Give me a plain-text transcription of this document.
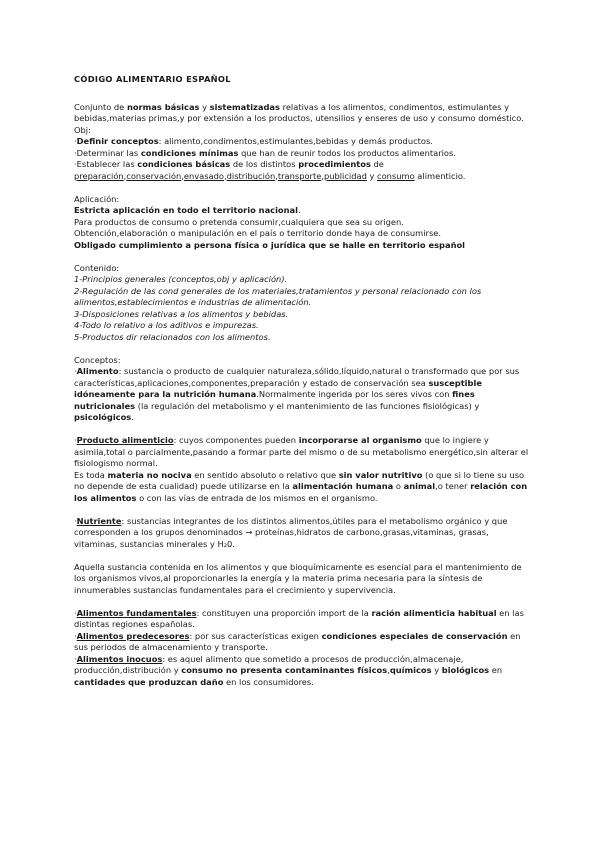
CÓDIGO ALIMENTARIO ESPAÑOL

Conjunto de normas básicas y sistematizadas relativas a los alimentos, condimentos, estimulantes y bebidas,materias primas,y por extensión a los productos, utensilios y enseres de uso y consumo doméstico.

Obj:

·Definir conceptos: alimento,condimentos,estimulantes,bebidas y demás productos.

·Determinar las condiciones mínimas que han de reunir todos los productos alimentarios.

·Establecer las condiciones básicas de los distintos procedimientos de

preparación,conservación,envasado,distribución,transporte,publicidad y consumo alimenticio.

Aplicación:

Estricta aplicación en todo el territorio nacional.

Para productos de consumo o pretenda consumir,cualquiera que sea su origen.

Obtención,elaboración o manipulación en el país o territorio donde haya de consumirse.

Obligado cumplimiento a persona física o jurídica que se halle en territorio español

Contenido:

1-Principios generales (conceptos,obj y aplicación).

2-Regulación de las cond generales de los materiales,tratamientos y personal relacionado con los alimentos,establecimientos e industrias de alimentación.

3-Disposiciones relativas a los alimentos y bebidas.

4-Todo lo relativo a los aditivos e impurezas.

5-Productos dir relacionados con los alimentos.

Conceptos:

·Alimento: sustancia o producto de cualquier naturaleza,sólido,líquido,natural o transformado que por sus características,aplicaciones,componentes,preparación y estado de conservación sea susceptible idóneamente para la nutrición humana.Normalmente ingerida por los seres vivos con fines nutricionales (la regulación del metabolismo y el mantenimiento de las funciones fisiológicas) y psicológicos.

·Producto alimenticio: cuyos componentes pueden incorporarse al organismo que lo ingiere y asimila,total o parcialmente,pasando a formar parte del mismo o de su metabolismo energético,sin alterar el fisiologismo normal.

Es toda materia no nociva en sentido absoluto o relativo que sin valor nutritivo (o que si lo tiene su uso no depende de esta cualidad) puede utilizarse en la alimentación humana o animal,o tener relación con los alimentos o con las vías de entrada de los mismos en el organismo.

·Nutriente: sustancias integrantes de los distintos alimentos,útiles para el metabolismo orgánico y que corresponden a los grupos denominados → proteínas,hidratos de carbono,grasas,vitaminas, grasas, vitaminas, sustancias minerales y H₂0.

Aquella sustancia contenida en los alimentos y que bioquímicamente es esencial para el mantenimiento de los organismos vivos,al proporcionarles la energía y la materia prima necesaria para la síntesis de innumerables sustancias fundamentales para el crecimiento y supervivencia.

·Alimentos fundamentales: constituyen una proporción import de la ración alimenticia habitual en las distintas regiones españolas.

·Alimentos predecesores: por sus características exigen condiciones especiales de conservación en sus periodos de almacenamiento y transporte.

·Alimentos inocuos: es aquel alimento que sometido a procesos de producción,almacenaje, producción,distribución y consumo no presenta contaminantes físicos,químicos y biológicos en cantidades que produzcan daño en los consumidores.
